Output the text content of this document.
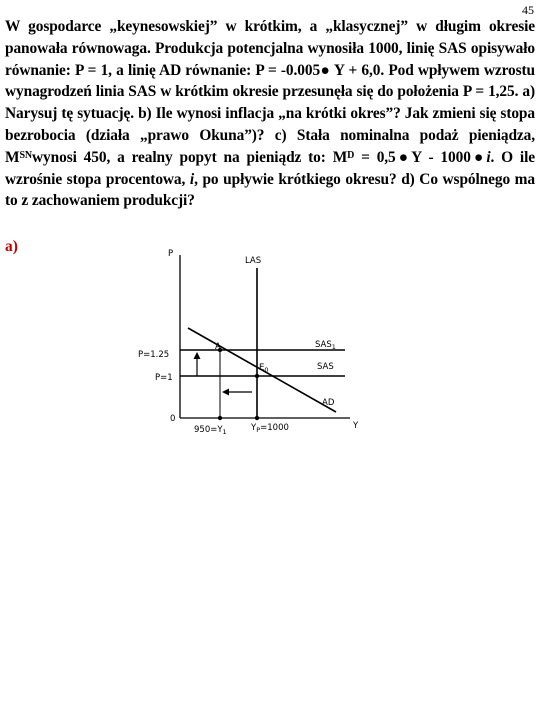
45
W gospodarce „keynesowskiej” w krótkim, a „klasycznej” w długim okresie panowała równowaga. Produkcja potencjalna wynosiła 1000, linię SAS opisywało równanie: P = 1, a linię AD równanie: P = -0.005● Y + 6,0. Pod wpływem wzrostu wynagrodzeń linia SAS w krótkim okresie przesunęła się do położenia P = 1,25. a) Narysuj tę sytuację. b) Ile wynosi inflacja „na krótki okres”? Jak zmieni się stopa bezrobocia (działa „prawo Okuna”)? c) Stała nominalna podaż pieniądza, $M^{SN}wynosi$ 450, a realny popyt na pieniądz to: $M^D$ = 0,5●Y - 1000●i. O ile wzrośnie stopa procentowa, i, po upływie krótkiego okresu? d) Co wspólnego ma to z zachowaniem produkcji?
a)	P
LAS
A	$SAS_1$
P=1.25
$E_0$	SAS
P=1
AD
0
$950=Y_1$	$Y_P=1000$	Y
